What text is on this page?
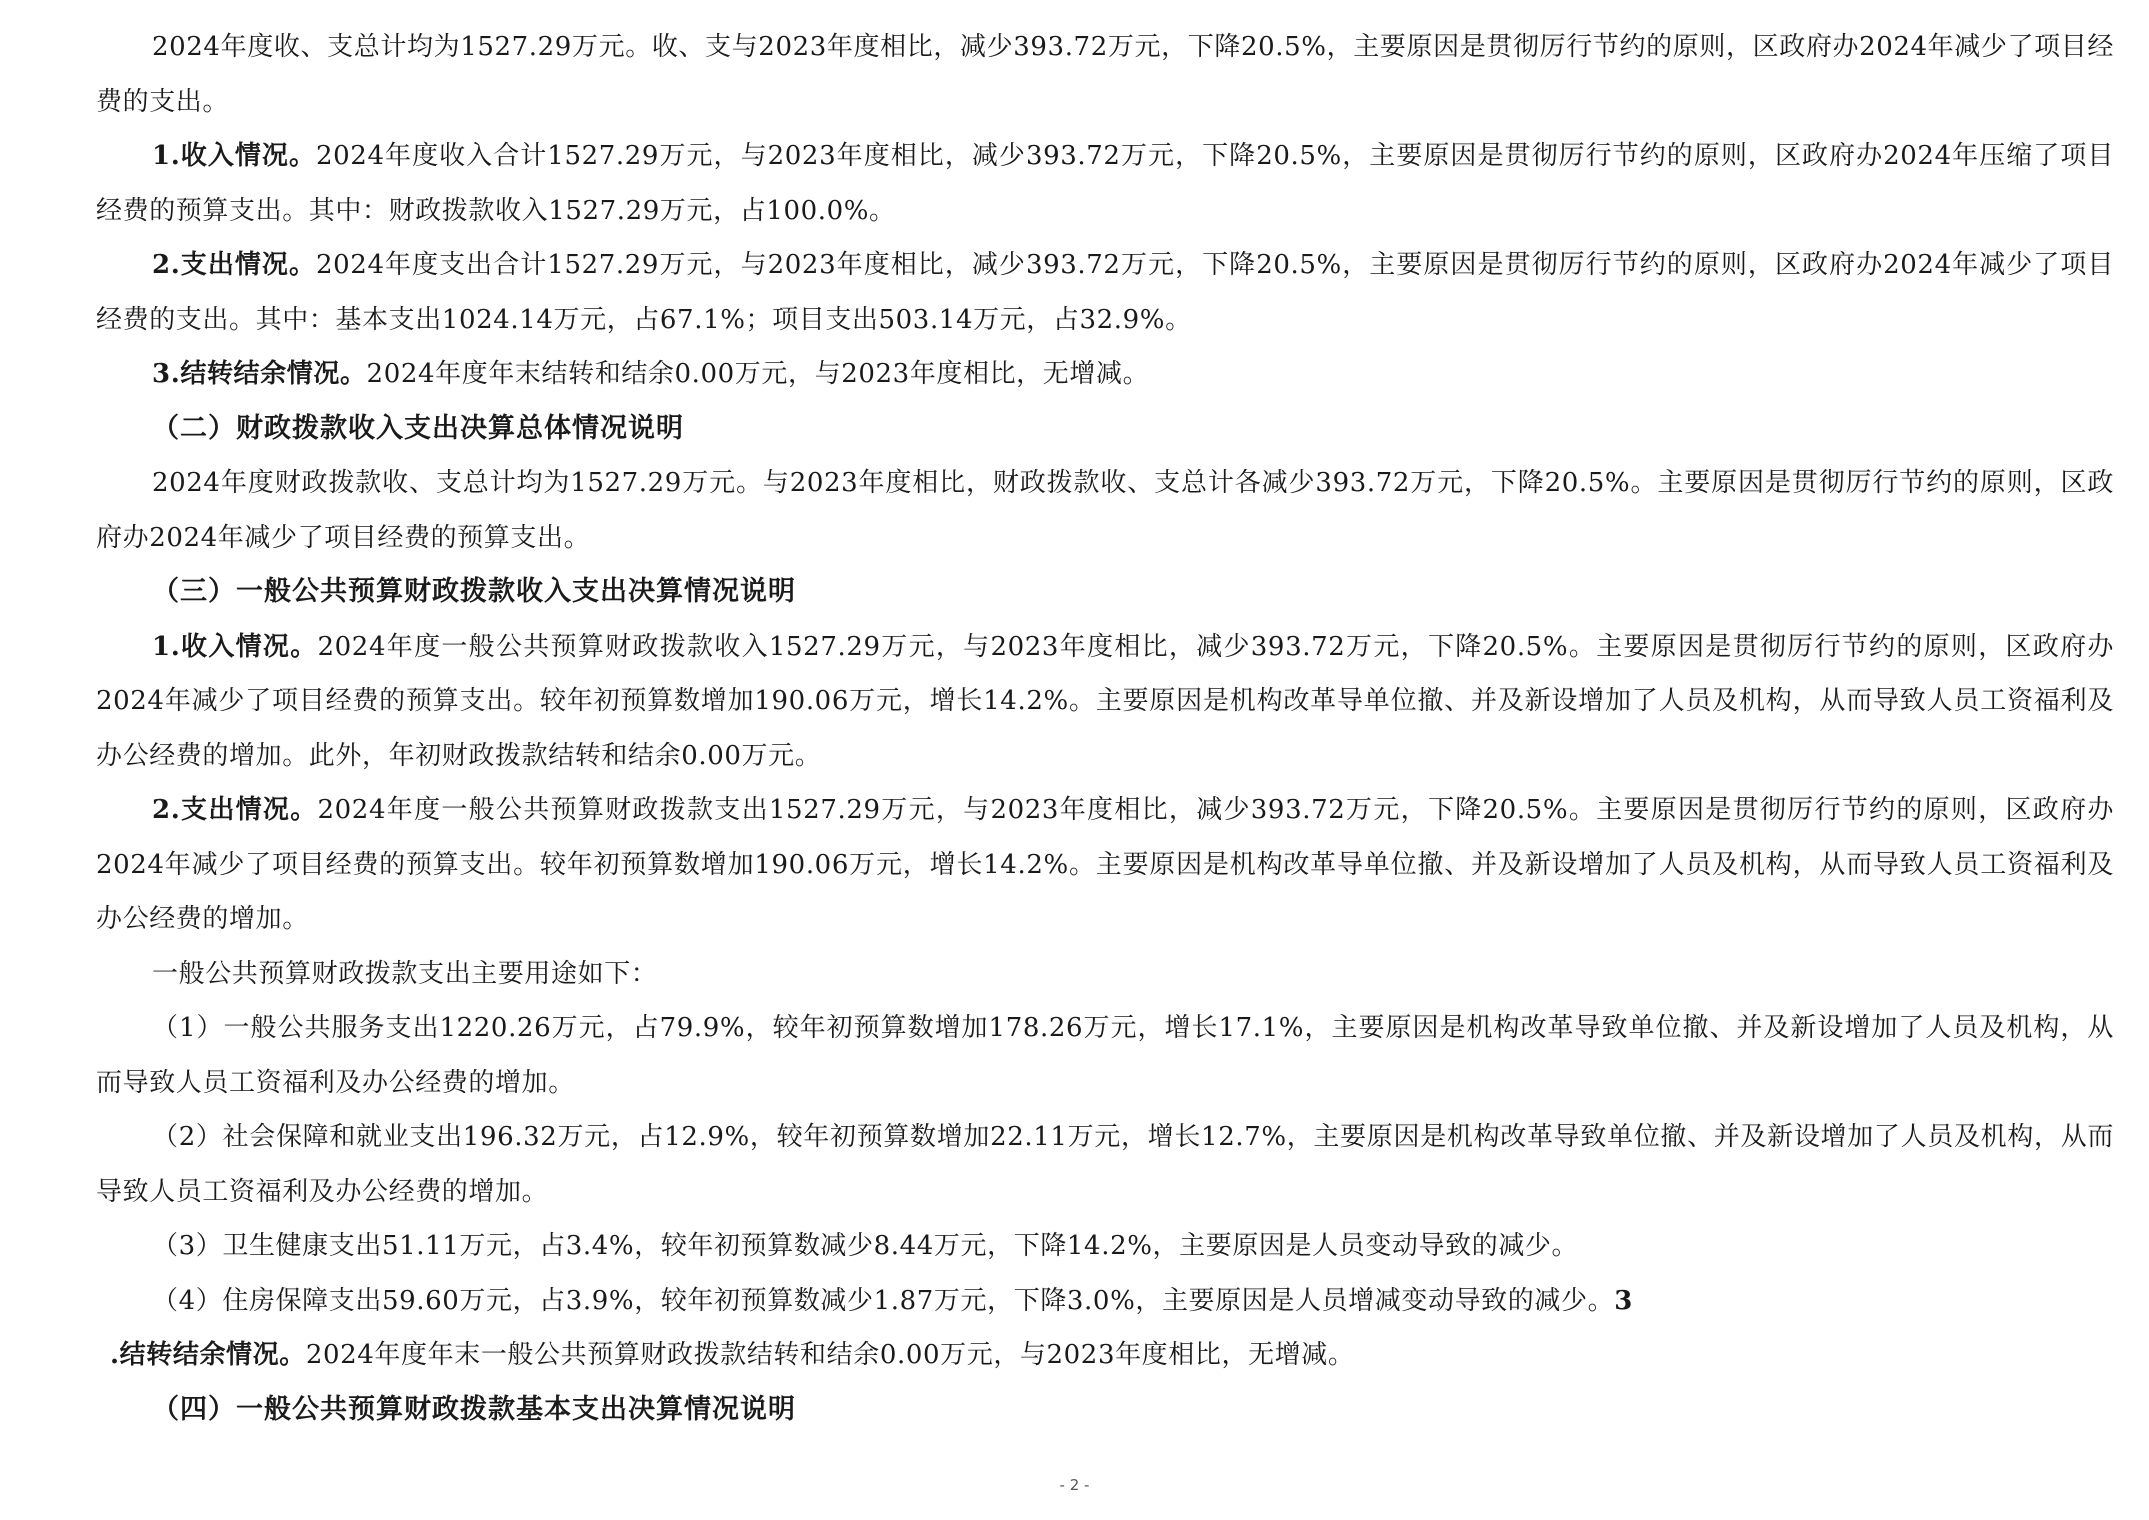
2024年度收、支总计均为1527.29万元。收、支与2023年度相比，减少393.72万元，下降20.5%，主要原因是贯彻厉行节约的原则，区政府办2024年减少了项目经费的支出。

1.收入情况。2024年度收入合计1527.29万元，与2023年度相比，减少393.72万元，下降20.5%，主要原因是贯彻厉行节约的原则，区政府办2024年压缩了项目经费的预算支出。其中：财政拨款收入1527.29万元，占100.0%。

2.支出情况。2024年度支出合计1527.29万元，与2023年度相比，减少393.72万元，下降20.5%，主要原因是贯彻厉行节约的原则，区政府办2024年减少了项目经费的支出。其中：基本支出1024.14万元，占67.1%；项目支出503.14万元，占32.9%。

3.结转结余情况。2024年度年末结转和结余0.00万元，与2023年度相比，无增减。

（二）财政拨款收入支出决算总体情况说明

2024年度财政拨款收、支总计均为1527.29万元。与2023年度相比，财政拨款收、支总计各减少393.72万元，下降20.5%。主要原因是贯彻厉行节约的原则，区政府办2024年减少了项目经费的预算支出。

（三）一般公共预算财政拨款收入支出决算情况说明

1.收入情况。2024年度一般公共预算财政拨款收入1527.29万元，与2023年度相比，减少393.72万元，下降20.5%。主要原因是贯彻厉行节约的原则，区政府办2024年减少了项目经费的预算支出。较年初预算数增加190.06万元，增长14.2%。主要原因是机构改革导单位撤、并及新设增加了人员及机构，从而导致人员工资福利及办公经费的增加。此外，年初财政拨款结转和结余0.00万元。

2.支出情况。2024年度一般公共预算财政拨款支出1527.29万元，与2023年度相比，减少393.72万元，下降20.5%。主要原因是贯彻厉行节约的原则，区政府办2024年减少了项目经费的预算支出。较年初预算数增加190.06万元，增长14.2%。主要原因是机构改革导单位撤、并及新设增加了人员及机构，从而导致人员工资福利及办公经费的增加。

一般公共预算财政拨款支出主要用途如下：

（1）一般公共服务支出1220.26万元，占79.9%，较年初预算数增加178.26万元，增长17.1%，主要原因是机构改革导致单位撤、并及新设增加了人员及机构，从而导致人员工资福利及办公经费的增加。

（2）社会保障和就业支出196.32万元，占12.9%，较年初预算数增加22.11万元，增长12.7%，主要原因是机构改革导致单位撤、并及新设增加了人员及机构，从而导致人员工资福利及办公经费的增加。

（3）卫生健康支出51.11万元，占3.4%，较年初预算数减少8.44万元，下降14.2%，主要原因是人员变动导致的减少。

（4）住房保障支出59.60万元，占3.9%，较年初预算数减少1.87万元，下降3.0%，主要原因是人员增减变动导致的减少。3

.结转结余情况。2024年度年末一般公共预算财政拨款结转和结余0.00万元，与2023年度相比，无增减。

（四）一般公共预算财政拨款基本支出决算情况说明
- 2 -
